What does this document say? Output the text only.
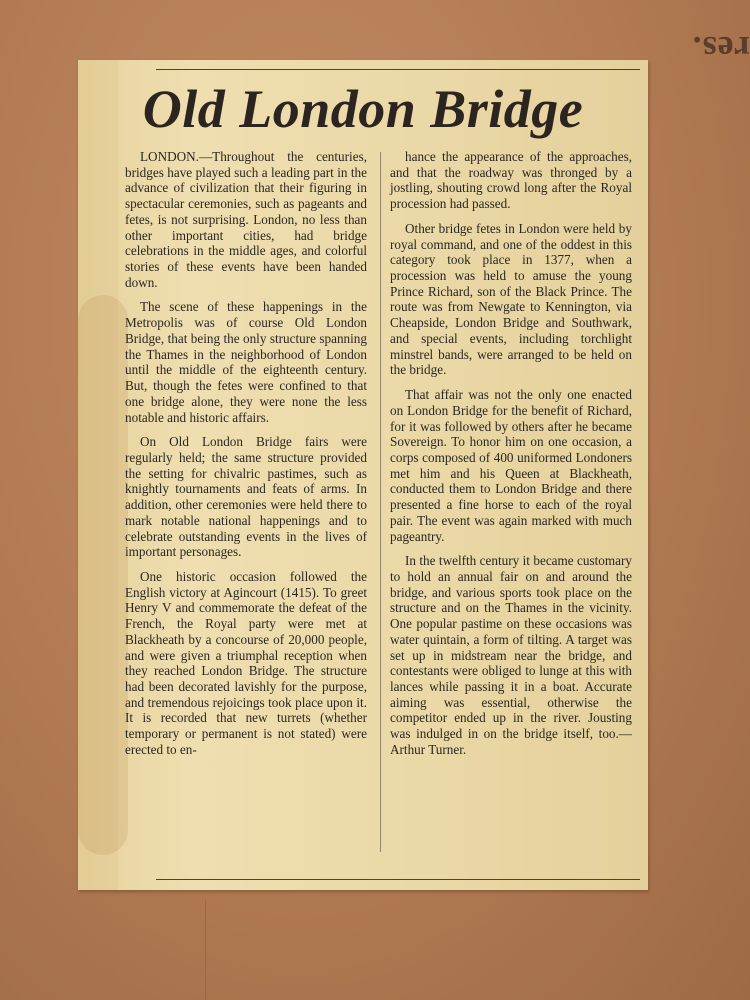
res.
Old London Bridge

LONDON.—Throughout the centuries, bridges have played such a leading part in the advance of civilization that their figuring in spectacular ceremonies, such as pageants and fetes, is not surprising. London, no less than other important cities, had bridge celebrations in the middle ages, and colorful stories of these events have been handed down.

The scene of these happenings in the Metropolis was of course Old London Bridge, that being the only structure spanning the Thames in the neighborhood of London until the middle of the eighteenth century. But, though the fetes were confined to that one bridge alone, they were none the less notable and historic affairs.

On Old London Bridge fairs were regularly held; the same structure provided the setting for chivalric pastimes, such as knightly tournaments and feats of arms. In addition, other ceremonies were held there to mark notable national happenings and to celebrate outstanding events in the lives of important personages.

One historic occasion followed the English victory at Agincourt (1415). To greet Henry V and commemorate the defeat of the French, the Royal party were met at Blackheath by a concourse of 20,000 people, and were given a triumphal reception when they reached London Bridge. The structure had been decorated lavishly for the purpose, and tremendous rejoicings took place upon it. It is recorded that new turrets (whether temporary or permanent is not stated) were erected to en-

hance the appearance of the approaches, and that the roadway was thronged by a jostling, shouting crowd long after the Royal procession had passed.

Other bridge fetes in London were held by royal command, and one of the oddest in this category took place in 1377, when a procession was held to amuse the young Prince Richard, son of the Black Prince. The route was from Newgate to Kennington, via Cheapside, London Bridge and Southwark, and special events, including torchlight minstrel bands, were arranged to be held on the bridge.

That affair was not the only one enacted on London Bridge for the benefit of Richard, for it was followed by others after he became Sovereign. To honor him on one occasion, a corps composed of 400 uniformed Londoners met him and his Queen at Blackheath, conducted them to London Bridge and there presented a fine horse to each of the royal pair. The event was again marked with much pageantry.

In the twelfth century it became customary to hold an annual fair on and around the bridge, and various sports took place on the structure and on the Thames in the vicinity. One popular pastime on these occasions was water quintain, a form of tilting. A target was set up in midstream near the bridge, and contestants were obliged to lunge at this with lances while passing it in a boat. Accurate aiming was essential, otherwise the competitor ended up in the river. Jousting was indulged in on the bridge itself, too.—Arthur Turner.
